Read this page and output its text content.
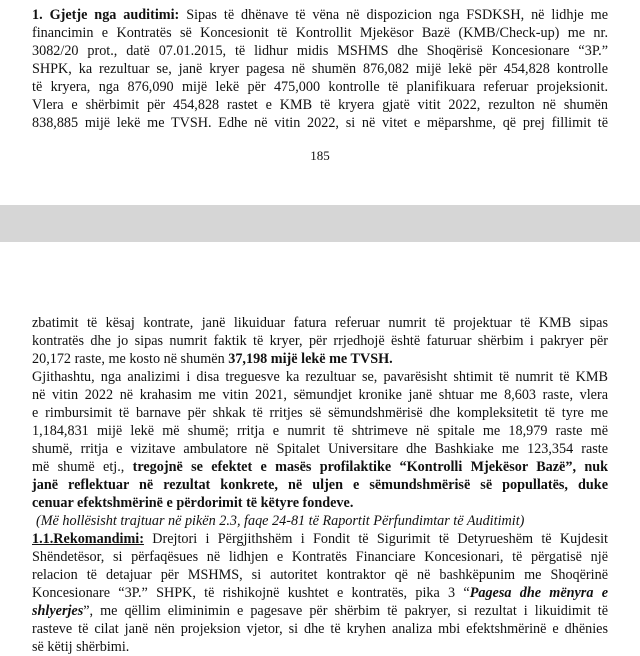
1. Gjetje nga auditimi: Sipas të dhënave të vëna në dispozicion nga FSDKSH, në lidhje me
financimin e Kontratës së Koncesionit të Kontrollit Mjekësor Bazë (KMB/Check-up) me nr.
3082/20 prot., datë 07.01.2015, të lidhur midis MSHMS dhe Shoqërisë Koncesionare “3P.”
SHPK, ka rezultuar se, janë kryer pagesa në shumën 876,082 mijë lekë për 454,828 kontrolle
të kryera, nga 876,090 mijë lekë për 475,000 kontrolle të planifikuara referuar projeksionit.
Vlera e shërbimit për 454,828 rastet e KMB të kryera gjatë vitit 2022, rezulton në shumën
838,885 mijë lekë me TVSH. Edhe në vitin 2022, si në vitet e mëparshme, që prej fillimit të
185
zbatimit të kësaj kontrate, janë likuiduar fatura referuar numrit të projektuar të KMB sipas
kontratës dhe jo sipas numrit faktik të kryer, për rrjedhojë është faturuar shërbim i pakryer për
20,172 raste, me kosto në shumën 37,198 mijë lekë me TVSH.
Gjithashtu, nga analizimi i disa treguesve ka rezultuar se, pavarësisht shtimit të numrit të KMB
në vitin 2022 në krahasim me vitin 2021, sëmundjet kronike janë shtuar me 8,603 raste, vlera
e rimbursimit të barnave për shkak të rritjes së sëmundshmërisë dhe kompleksitetit të tyre me
1,184,831 mijë lekë më shumë; rritja e numrit të shtrimeve në spitale me 18,979 raste më
shumë, rritja e vizitave ambulatore në Spitalet Universitare dhe Bashkiake me 123,354 raste
më shumë etj., tregojnë se efektet e masës profilaktike “Kontrolli Mjekësor Bazë”, nuk
janë reflektuar në rezultat konkrete, në uljen e sëmundshmërisë së popullatës, duke
cenuar efektshmërinë e përdorimit të këtyre fondeve.
(Më hollësisht trajtuar në pikën 2.3, faqe 24-81 të Raportit Përfundimtar të Auditimit)
1.1.Rekomandimi: Drejtori i Përgjithshëm i Fondit të Sigurimit të Detyrueshëm të Kujdesit
Shëndetësor, si përfaqësues në lidhjen e Kontratës Financiare Koncesionari, të përgatisë një
relacion të detajuar për MSHMS, si autoritet kontraktor që në bashkëpunim me Shoqërinë
Koncesionare “3P.” SHPK, të rishikojnë kushtet e kontratës, pika 3 “Pagesa dhe mënyra e
shlyerjes”, me qëllim eliminimin e pagesave për shërbim të pakryer, si rezultat i likuidimit të
rasteve të cilat janë nën projeksion vjetor, si dhe të kryhen analiza mbi efektshmërinë e dhënies
së këtij shërbimi.
